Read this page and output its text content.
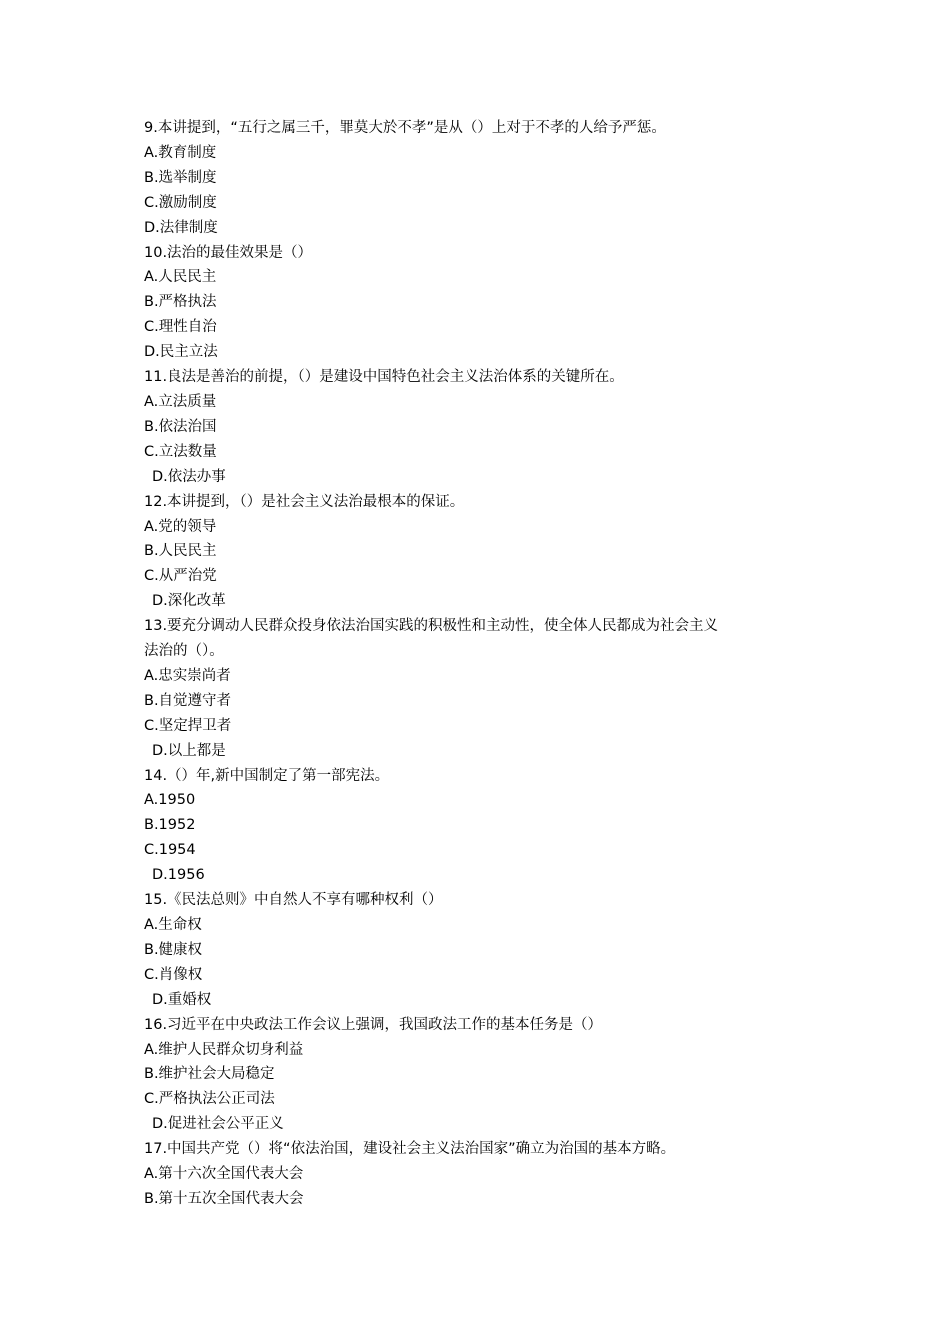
9.本讲提到，“五行之属三千，罪莫大於不孝”是从（）上对于不孝的人给予严惩。

A.教育制度

B.选举制度

C.激励制度

D.法律制度

10.法治的最佳效果是（）

A.人民民主

B.严格执法

C.理性自治

D.民主立法

11.良法是善治的前提，（）是建设中国特色社会主义法治体系的关键所在。

A.立法质量

B.依法治国

C.立法数量

D.依法办事

12.本讲提到，（）是社会主义法治最根本的保证。

A.党的领导

B.人民民主

C.从严治党

D.深化改革

13.要充分调动人民群众投身依法治国实践的积极性和主动性，使全体人民都成为社会主义

法治的（）。

A.忠实崇尚者

B.自觉遵守者

C.坚定捍卫者

D.以上都是

14.（）年,新中国制定了第一部宪法。

A.1950

B.1952

C.1954

D.1956

15.《民法总则》中自然人不享有哪种权利（）

A.生命权

B.健康权

C.肖像权

D.重婚权

16.习近平在中央政法工作会议上强调，我国政法工作的基本任务是（）

A.维护人民群众切身利益

B.维护社会大局稳定

C.严格执法公正司法

D.促进社会公平正义

17.中国共产党（）将“依法治国，建设社会主义法治国家”确立为治国的基本方略。

A.第十六次全国代表大会

B.第十五次全国代表大会
